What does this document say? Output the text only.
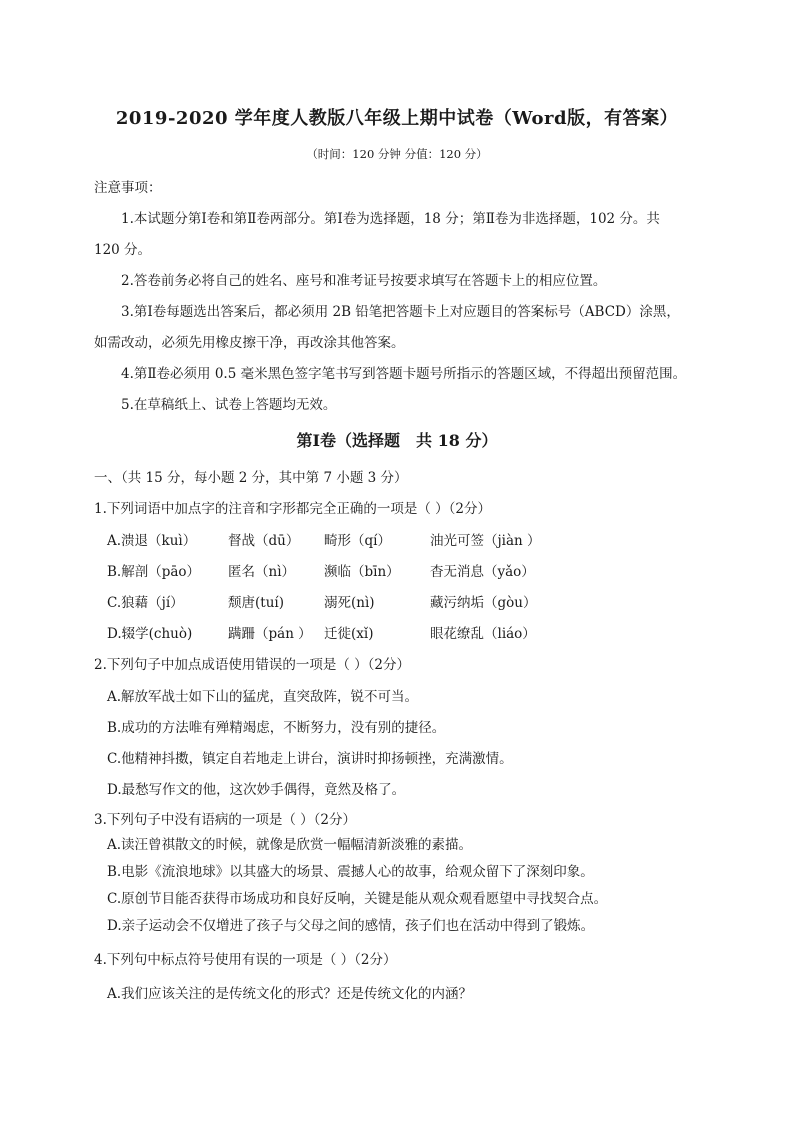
2019-2020 学年度人教版八年级上期中试卷（Word版，有答案）
（时间：120 分钟 分值：120 分）
注意事项：
1.本试题分第Ⅰ卷和第Ⅱ卷两部分。第Ⅰ卷为选择题，18 分；第Ⅱ卷为非选择题，102 分。共
120 分。
2.答卷前务必将自己的姓名、座号和准考证号按要求填写在答题卡上的相应位置。
3.第Ⅰ卷每题选出答案后，都必须用 2B 铅笔把答题卡上对应题目的答案标号（ABCD）涂黑，
如需改动，必须先用橡皮擦干净，再改涂其他答案。
4.第Ⅱ卷必须用 0.5 毫米黑色签字笔书写到答题卡题号所指示的答题区域，不得超出预留范围。
5.在草稿纸上、试卷上答题均无效。
第Ⅰ卷（选择题　共 18 分）
一、（共 15 分，每小题 2 分，其中第 7 小题 3 分）
1.下列词语中加点字的注音和字形都完全正确的一项是（ ）（2分）
A.溃退（kuì） 督战（dū） 畸形（qí）	油光可签（jiàn ）
B.解剖（pāo） 匿名（nì） 濒临（bīn） 杳无消息（yǎo）
C.狼藉（jí）	颓唐(tuí)	溺死(nì)	藏污纳垢（gòu）
D.辍学(chuò)	蹒跚（pán ） 迁徙(xǐ)	眼花缭乱（liáo）
2.下列句子中加点成语使用错误的一项是（ ）（2分）
A.解放军战士如下山的猛虎，直突敌阵，锐不可当。
B.成功的方法唯有殚精竭虑，不断努力，没有别的捷径。
C.他精神抖擞，镇定自若地走上讲台，演讲时抑扬顿挫，充满激情。
D.最愁写作文的他，这次妙手偶得，竟然及格了。
3.下列句子中没有语病的一项是（ ）（2分）
A.读汪曾祺散文的时候，就像是欣赏一幅幅清新淡雅的素描。
B.电影《流浪地球》以其盛大的场景、震撼人心的故事，给观众留下了深刻印象。
C.原创节目能否获得市场成功和良好反响，关键是能从观众观看愿望中寻找契合点。
D.亲子运动会不仅增进了孩子与父母之间的感情，孩子们也在活动中得到了锻炼。
4.下列句中标点符号使用有误的一项是（ ）（2分）
A.我们应该关注的是传统文化的形式？还是传统文化的内涵？
